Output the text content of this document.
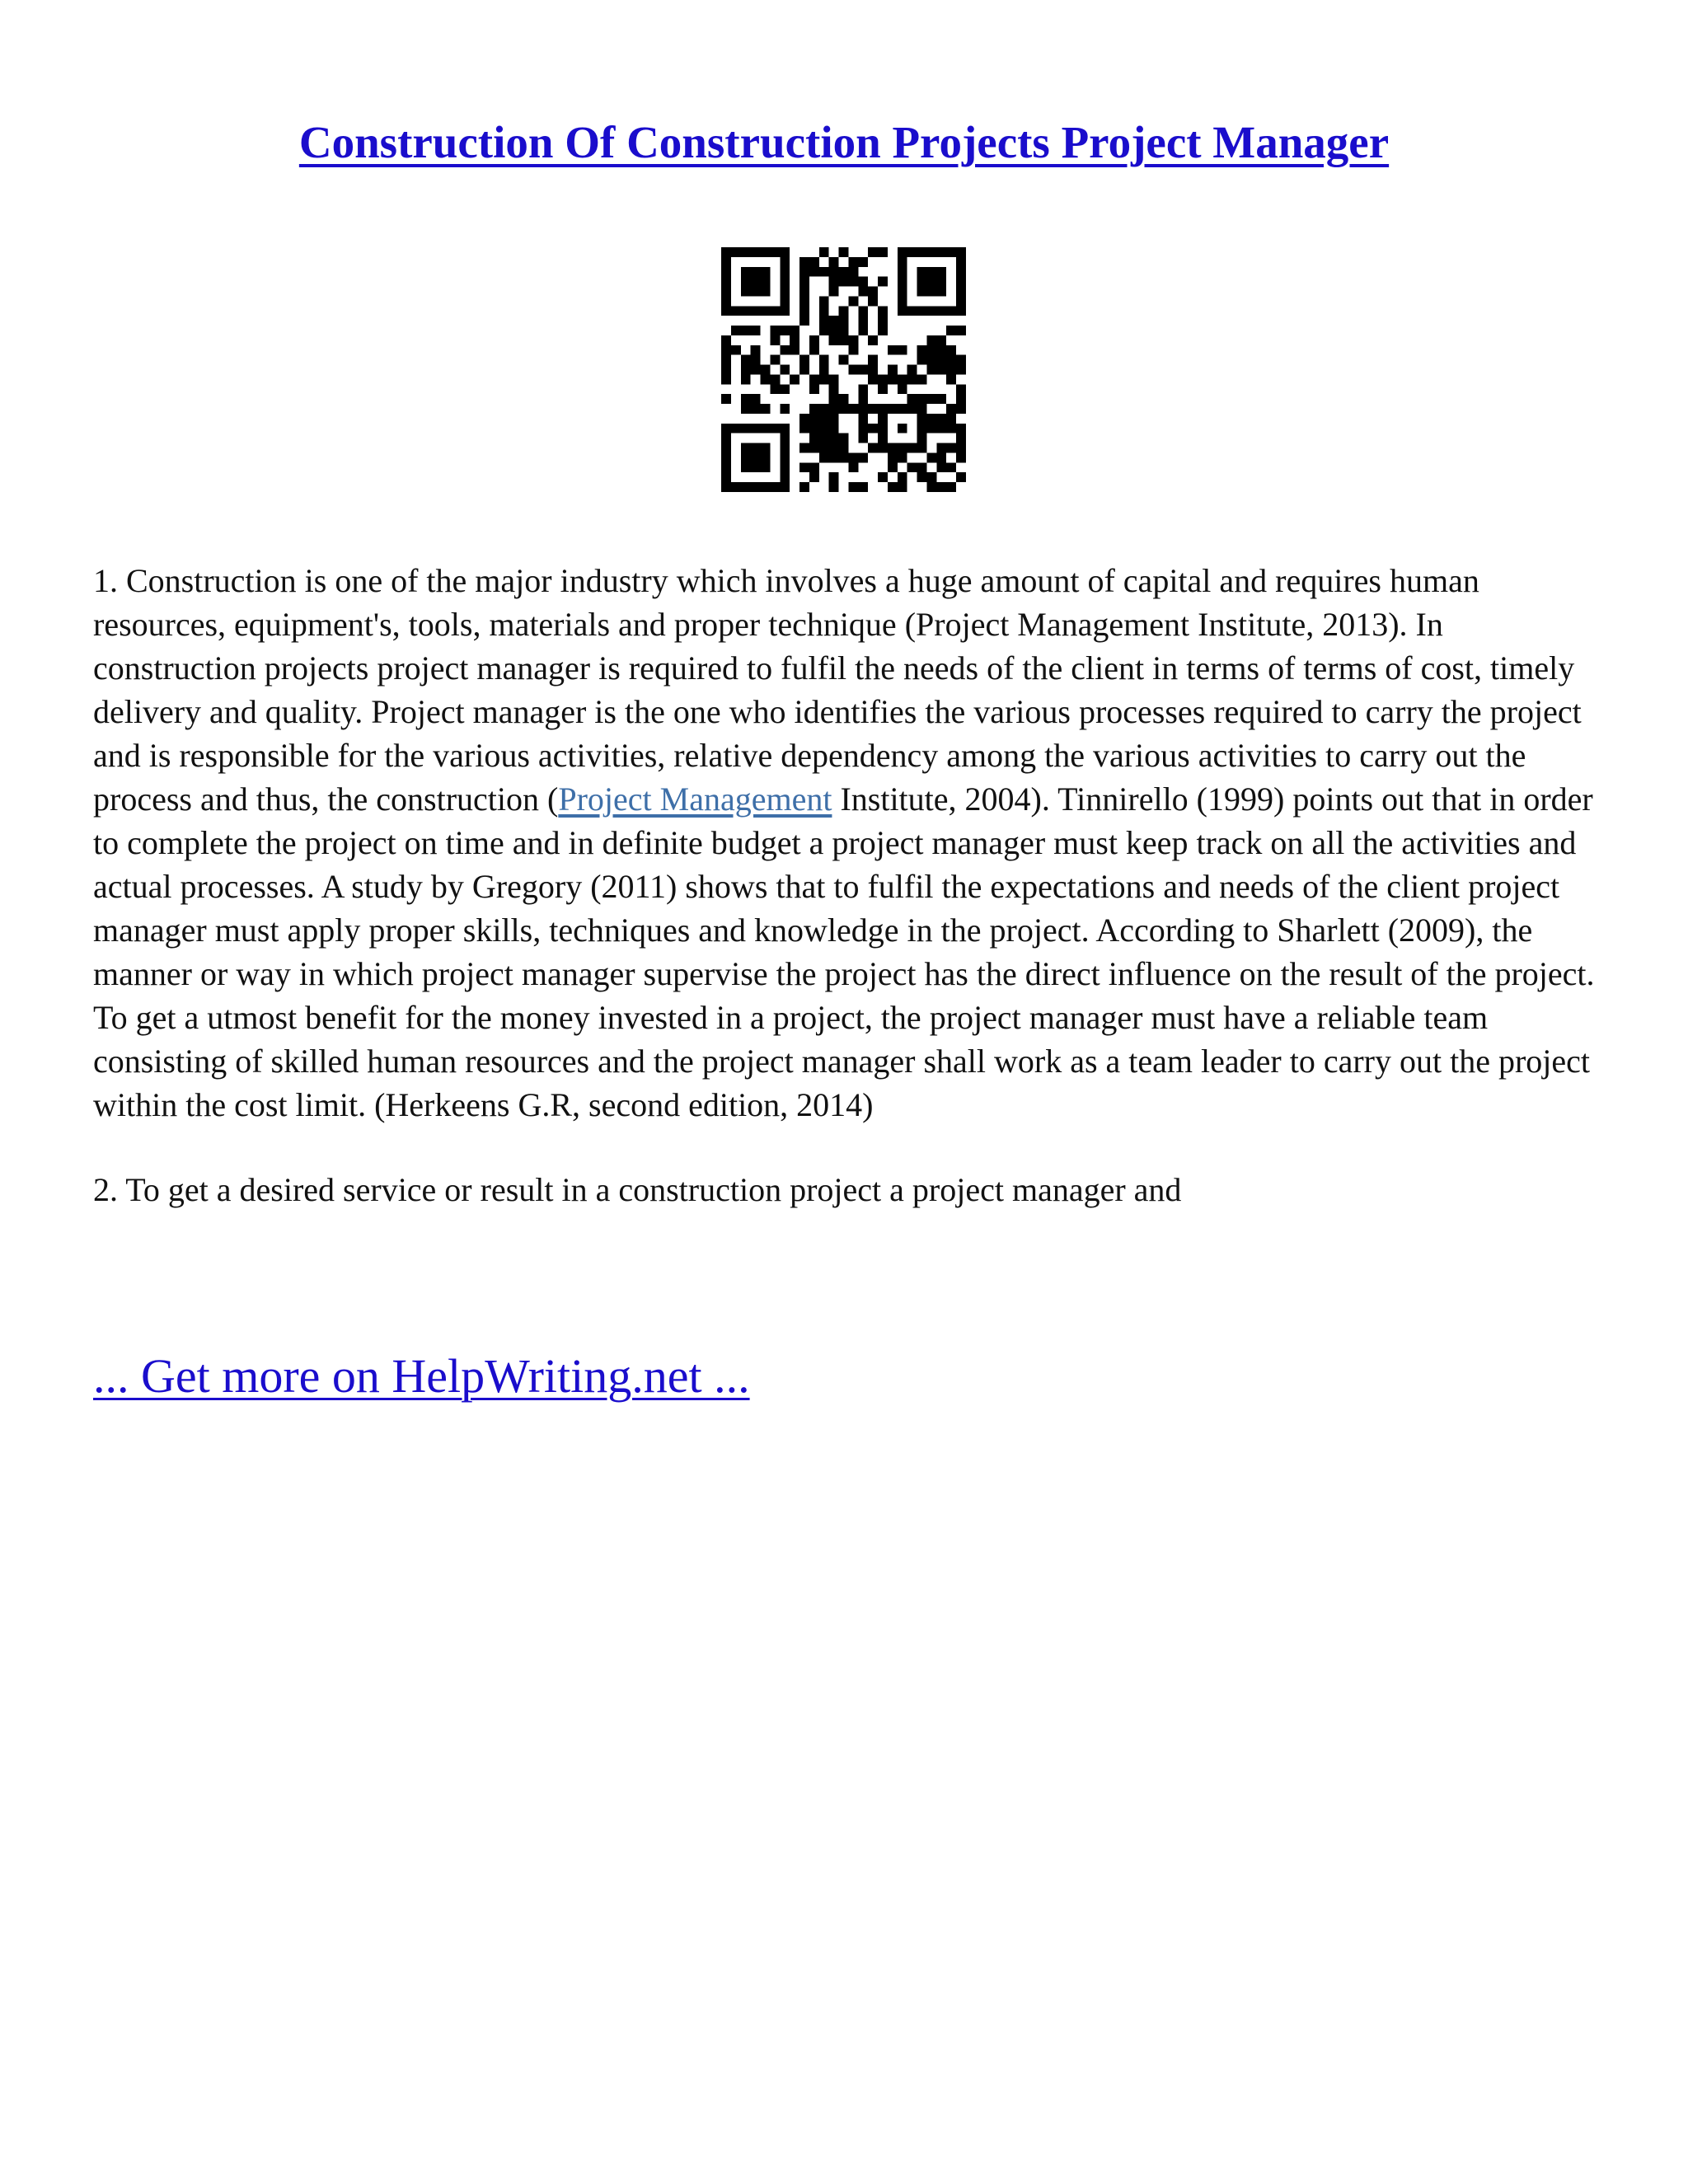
Construction Of Construction Projects Project Manager

1. Construction is one of the major industry which involves a huge amount of capital and requires human resources, equipment's, tools, materials and proper technique (Project Management Institute, 2013). In construction projects project manager is required to fulfil the needs of the client in terms of terms of cost, timely delivery and quality. Project manager is the one who identifies the various processes required to carry the project and is responsible for the various activities, relative dependency among the various activities to carry out the process and thus, the construction (Project Management Institute, 2004). Tinnirello (1999) points out that in order to complete the project on time and in definite budget a project manager must keep track on all the activities and actual processes. A study by Gregory (2011) shows that to fulfil the expectations and needs of the client project manager must apply proper skills, techniques and knowledge in the project. According to Sharlett (2009), the manner or way in which project manager supervise the project has the direct influence on the result of the project. To get a utmost benefit for the money invested in a project, the project manager must have a reliable team consisting of skilled human resources and the project manager shall work as a team leader to carry out the project within the cost limit. (Herkeens G.R, second edition, 2014)

2. To get a desired service or result in a construction project a project manager and

... Get more on HelpWriting.net ...
